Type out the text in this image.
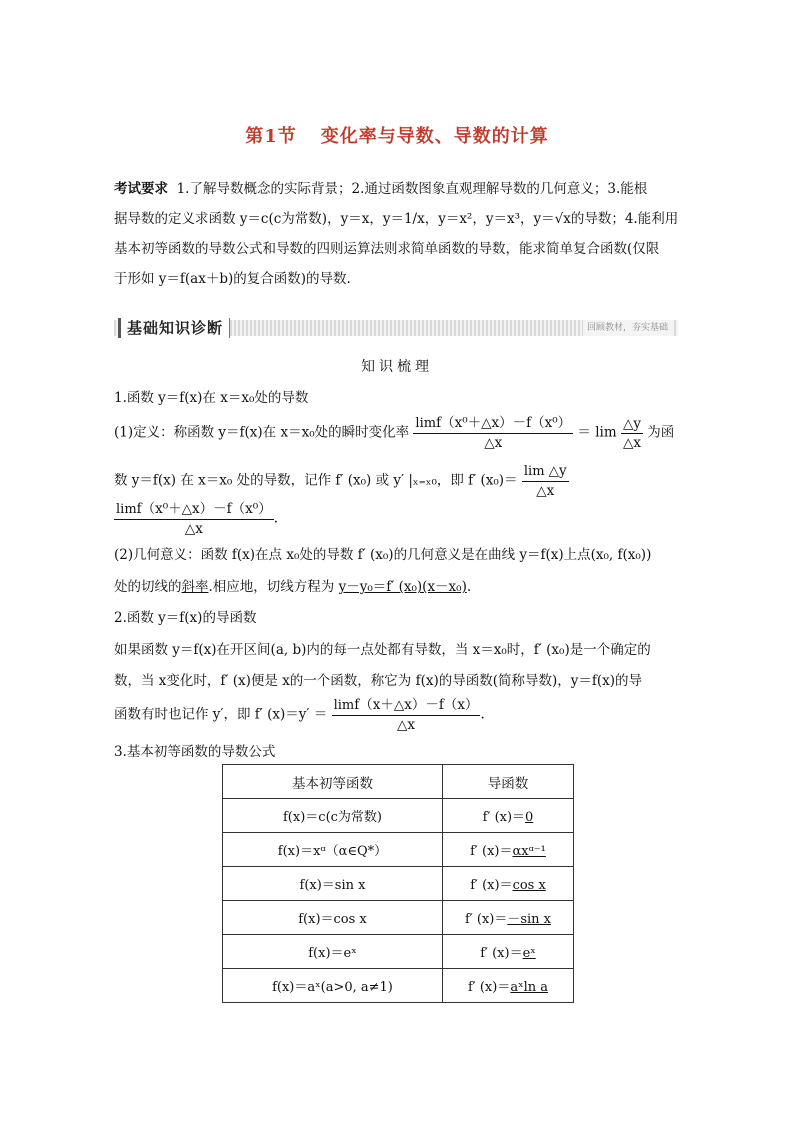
第1节 变化率与导数、导数的计算
考试要求 1.了解导数概念的实际背景；2.通过函数图象直观理解导数的几何意义；3.能根
据导数的定义求函数 y＝c(c为常数)，y＝x，y＝1/x，y＝x²，y＝x³，y＝√x的导数；4.能利用
基本初等函数的导数公式和导数的四则运算法则求简单函数的导数，能求简单复合函数(仅限
于形如 y＝f(ax＋b)的复合函数)的导数.
基础知识诊断	回顾教材，夯实基础
知识梳理
1.函数 y＝f(x)在 x＝x₀处的导数
(1)定义：称函数 y＝f(x)在 x＝x₀处的瞬时变化率 $\frac{\text{limf（x⁰＋△x）－f（x⁰）}}{\triangle x} = \lim \frac{\triangle y}{\triangle x}$ 为函
数 y＝f(x) 在 x＝x₀ 处的导数，记作 f′ (x₀) 或 y′ |ₓ₌ₓ₀，即 f′ $(x_0)= \frac{\lim \triangle y}{\triangle x}$
$\frac{\text{limf（x⁰＋△x）－f（x⁰）}}{\triangle x}$ .
(2)几何意义：函数 f(x)在点 x₀处的导数 f′ (x₀)的几何意义是在曲线 y＝f(x)上点(x₀, f(x₀))
处的切线的斜率.相应地，切线方程为 y－y₀＝f′ (x₀)(x－x₀).
2.函数 y＝f(x)的导函数
如果函数 y＝f(x)在开区间(a, b)内的每一点处都有导数，当 x＝x₀时，f′ (x₀)是一个确定的
数，当 x变化时，f′ (x)便是 x的一个函数，称它为 f(x)的导函数(简称导数)，y＝f(x)的导
函数有时也记作 y′，即 f′ $(x)=y' = \frac{\lim f(x+\triangle x)-f(x)}{\triangle x}$ .
3.基本初等函数的导数公式
基本初等函数	导函数
f(x)＝c(c为常数)	f′ (x)＝0
f(x)＝xᵅ（α∈Q*）	f′ (x)＝αxᵅ⁻¹
f(x)＝sin x	f′ (x)＝cos x
f(x)＝cos x	f′ (x)＝－sin x
f(x)＝eˣ	f′ (x)＝eˣ
f(x)＝aˣ(a>0, a≠1)	f′ (x)＝aˣln a
